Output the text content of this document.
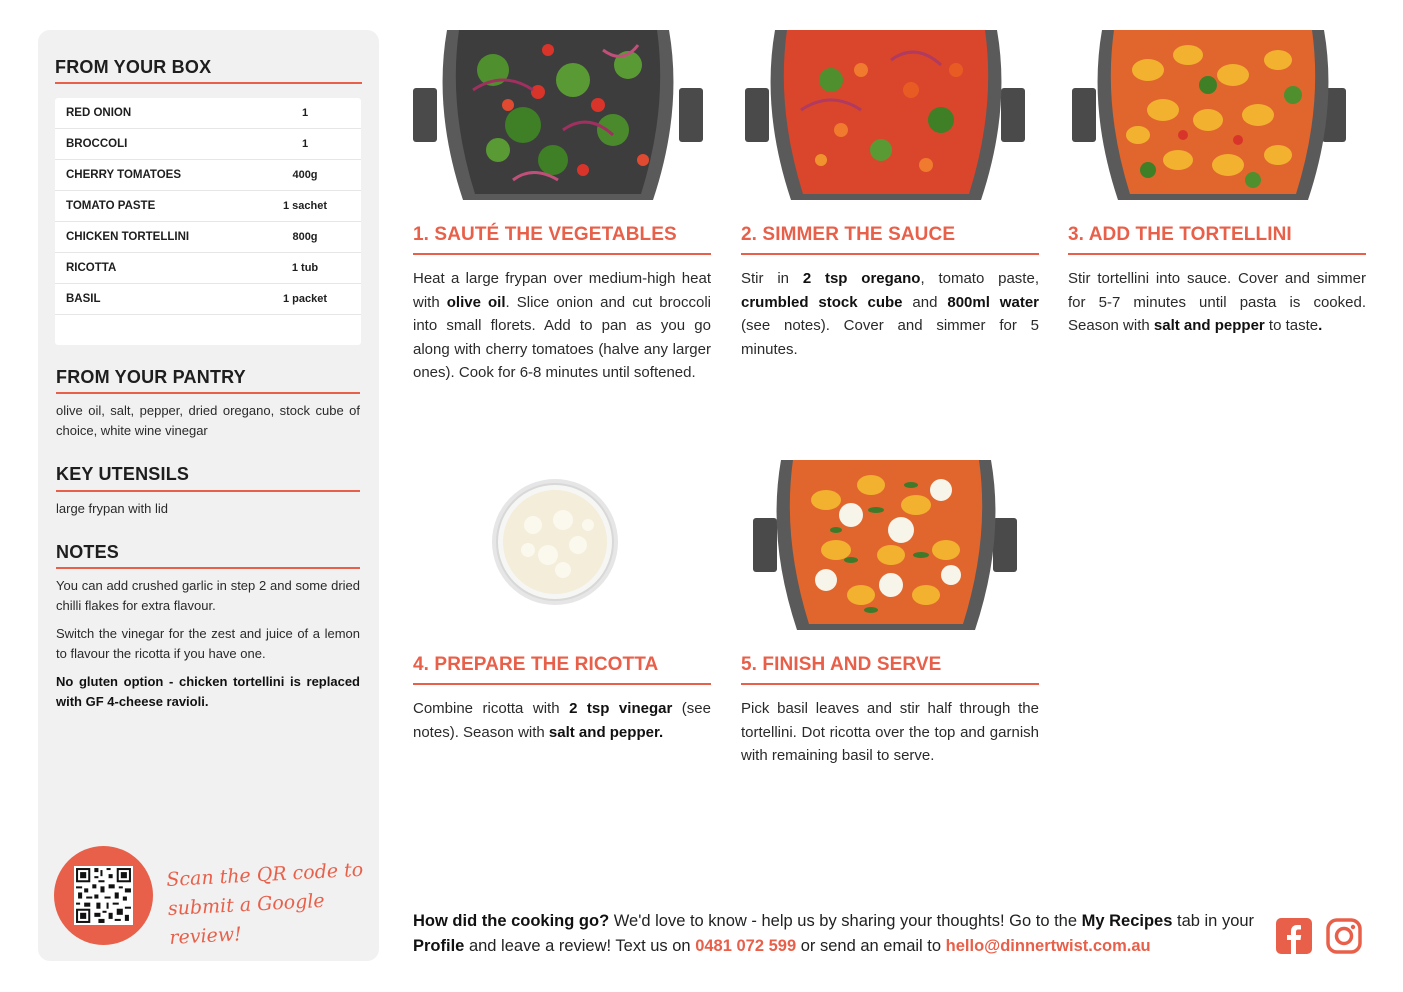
FROM YOUR BOX
RED ONION	1
BROCCOLI	1
CHERRY TOMATOES	400g
TOMATO PASTE	1 sachet
CHICKEN TORTELLINI	800g
RICOTTA	1 tub
BASIL	1 packet
FROM YOUR PANTRY
olive oil, salt, pepper, dried oregano, stock cube of choice, white wine vinegar
KEY UTENSILS
large frypan with lid
NOTES

You can add crushed garlic in step 2 and some dried chilli flakes for extra flavour.

Switch the vinegar for the zest and juice of a lemon to flavour the ricotta if you have one.

No gluten option - chicken tortellini is replaced with GF 4-cheese ravioli.

Scan the QR code to
submit a Google review!
1. SAUTÉ THE VEGETABLES
Heat a large frypan over medium-high heat with olive oil. Slice onion and cut broccoli into small florets. Add to pan as you go along with cherry tomatoes (halve any larger ones). Cook for 6-8 minutes until softened.
2. SIMMER THE SAUCE
Stir in 2 tsp oregano, tomato paste, crumbled stock cube and 800ml water (see notes). Cover and simmer for 5 minutes.
3. ADD THE TORTELLINI
Stir tortellini into sauce. Cover and simmer for 5-7 minutes until pasta is cooked. Season with salt and pepper to taste.
4. PREPARE THE RICOTTA
Combine ricotta with 2 tsp vinegar (see notes). Season with salt and pepper.
5. FINISH AND SERVE
Pick basil leaves and stir half through the tortellini. Dot ricotta over the top and garnish with remaining basil to serve.
How did the cooking go? We'd love to know - help us by sharing your thoughts! Go to the My Recipes tab in your Profile and leave a review! Text us on 0481 072 599 or send an email to hello@dinnertwist.com.au
